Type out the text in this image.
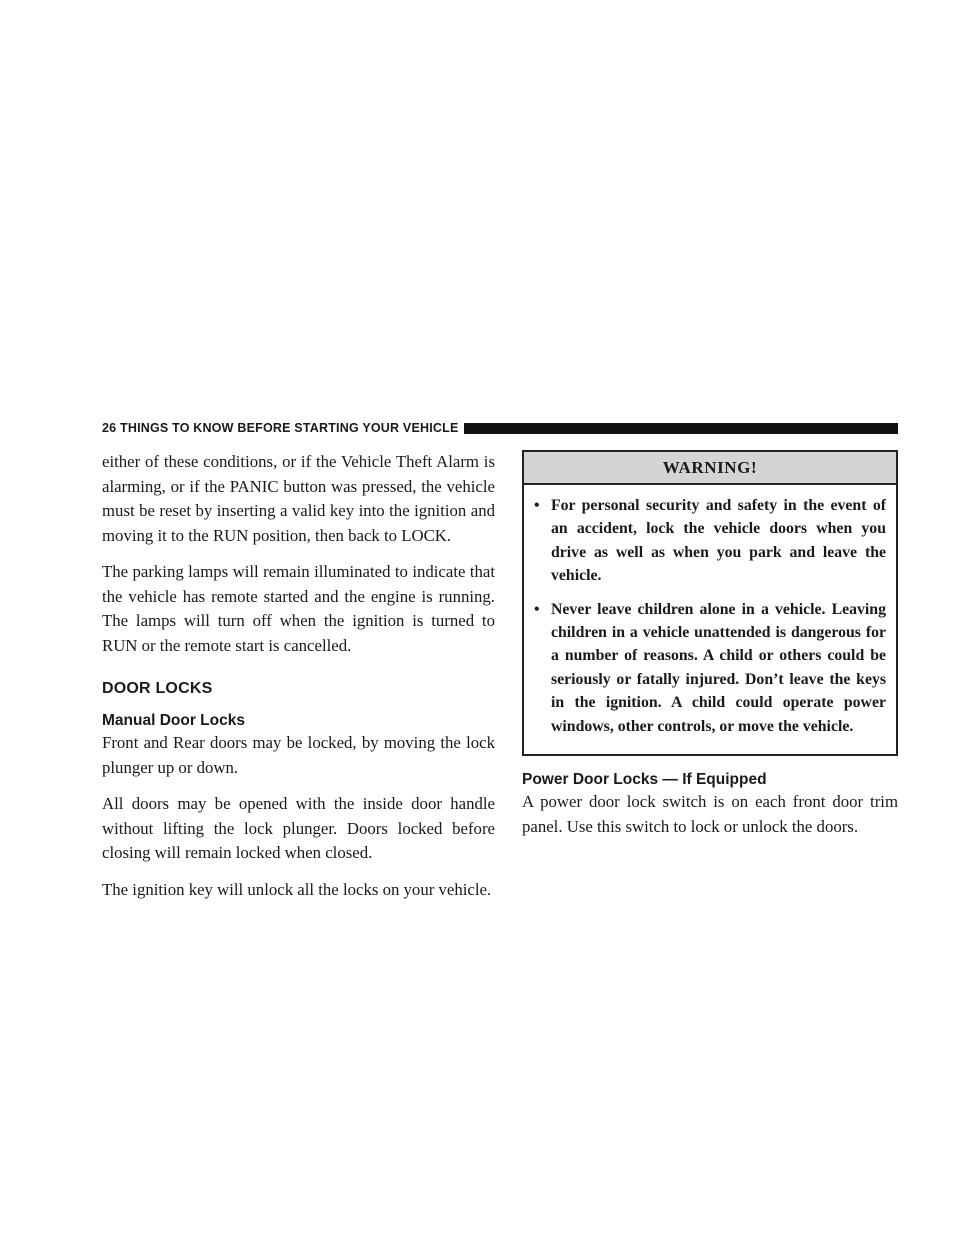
26 THINGS TO KNOW BEFORE STARTING YOUR VEHICLE

either of these conditions, or if the Vehicle Theft Alarm is alarming, or if the PANIC button was pressed, the vehicle must be reset by inserting a valid key into the ignition and moving it to the RUN position, then back to LOCK.

The parking lamps will remain illuminated to indicate that the vehicle has remote started and the engine is running. The lamps will turn off when the ignition is turned to RUN or the remote start is cancelled.

DOOR LOCKS
Manual Door Locks

Front and Rear doors may be locked, by moving the lock plunger up or down.

All doors may be opened with the inside door handle without lifting the lock plunger. Doors locked before closing will remain locked when closed.

The ignition key will unlock all the locks on your vehicle.

WARNING!
• For personal security and safety in the event of an accident, lock the vehicle doors when you drive as well as when you park and leave the vehicle.
• Never leave children alone in a vehicle. Leaving children in a vehicle unattended is dangerous for a number of reasons. A child or others could be seriously or fatally injured. Don’t leave the keys in the ignition. A child could operate power windows, other controls, or move the vehicle.
Power Door Locks — If Equipped

A power door lock switch is on each front door trim panel. Use this switch to lock or unlock the doors.
